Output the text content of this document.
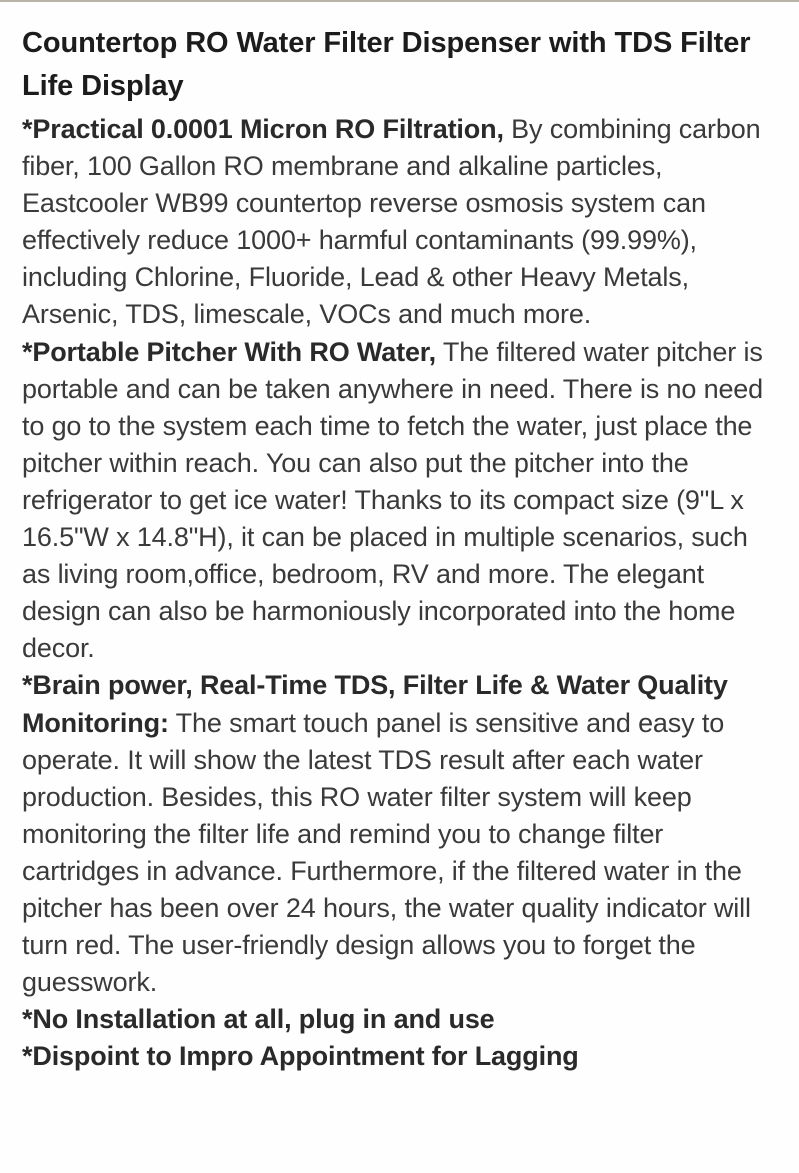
Countertop RO Water Filter Dispenser with TDS Filter Life Display

*Practical 0.0001 Micron RO Filtration, By combining carbon fiber, 100 Gallon RO membrane and alkaline particles, Eastcooler WB99 countertop reverse osmosis system can effectively reduce 1000+ harmful contaminants (99.99%), including Chlorine, Fluoride, Lead & other Heavy Metals, Arsenic, TDS, limescale, VOCs and much more.

*Portable Pitcher With RO Water, The filtered water pitcher is portable and can be taken anywhere in need. There is no need to go to the system each time to fetch the water, just place the pitcher within reach. You can also put the pitcher into the refrigerator to get ice water! Thanks to its compact size (9"L x 16.5"W x 14.8"H), it can be placed in multiple scenarios, such as living room,office, bedroom, RV and more. The elegant design can also be harmoniously incorporated into the home decor.

*Brain power, Real-Time TDS, Filter Life & Water Quality Monitoring: The smart touch panel is sensitive and easy to operate. It will show the latest TDS result after each water production. Besides, this RO water filter system will keep monitoring the filter life and remind you to change filter cartridges in advance. Furthermore, if the filtered water in the pitcher has been over 24 hours, the water quality indicator will turn red. The user-friendly design allows you to forget the guesswork.

*No Installation at all, plug in and use

*Dispoint to Impro Appointment for Lagging
